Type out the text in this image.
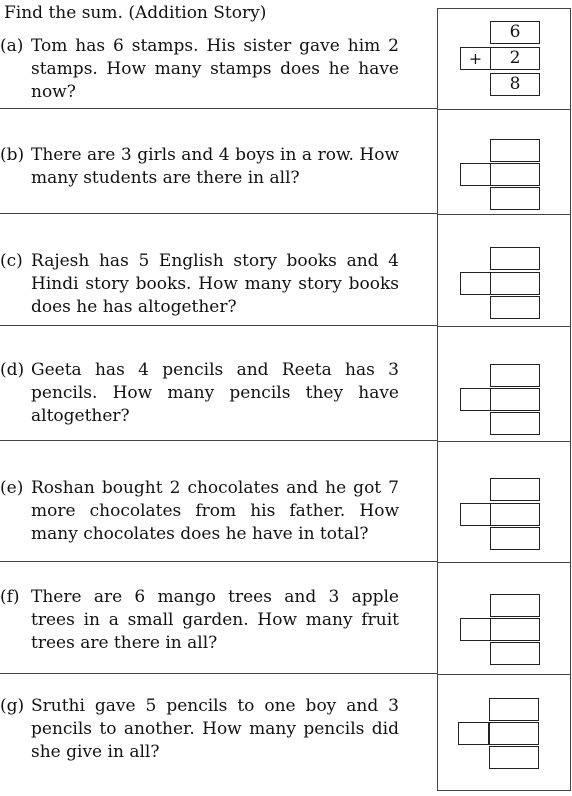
Find the sum. (Addition Story)
(a) Tom has 6 stamps. His sister gave him 2 stamps. How many stamps does he have now?
6
+	2
8
(b) There are 3 girls and 4 boys in a row. How many students are there in all?
(c) Rajesh has 5 English story books and 4 Hindi story books. How many story books does he has altogether?
(d) Geeta has 4 pencils and Reeta has 3 pencils. How many pencils they have altogether?
(e) Roshan bought 2 chocolates and he got 7 more chocolates from his father. How many chocolates does he have in total?
(f) There are 6 mango trees and 3 apple trees in a small garden. How many fruit trees are there in all?
(g) Sruthi gave 5 pencils to one boy and 3 pencils to another. How many pencils did she give in all?
